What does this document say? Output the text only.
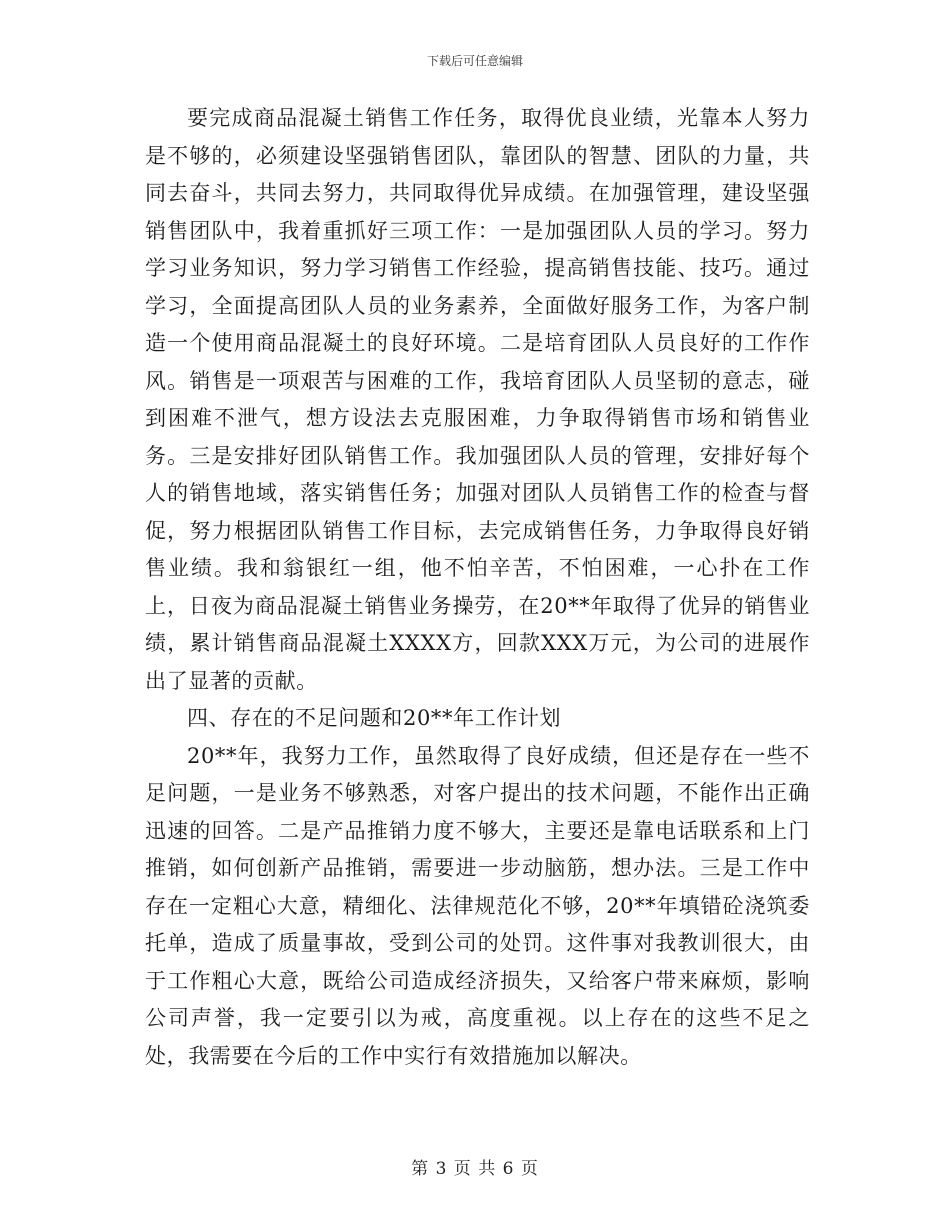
下载后可任意编辑

要完成商品混凝土销售工作任务，取得优良业绩，光靠本人努力是不够的，必须建设坚强销售团队，靠团队的智慧、团队的力量，共同去奋斗，共同去努力，共同取得优异成绩。在加强管理，建设坚强销售团队中，我着重抓好三项工作：一是加强团队人员的学习。努力学习业务知识，努力学习销售工作经验，提高销售技能、技巧。通过学习，全面提高团队人员的业务素养，全面做好服务工作，为客户制造一个使用商品混凝土的良好环境。二是培育团队人员良好的工作作风。销售是一项艰苦与困难的工作，我培育团队人员坚韧的意志，碰到困难不泄气，想方设法去克服困难，力争取得销售市场和销售业务。三是安排好团队销售工作。我加强团队人员的管理，安排好每个人的销售地域，落实销售任务；加强对团队人员销售工作的检查与督促，努力根据团队销售工作目标，去完成销售任务，力争取得良好销售业绩。我和翁银红一组，他不怕辛苦，不怕困难，一心扑在工作上，日夜为商品混凝土销售业务操劳，在20**年取得了优异的销售业绩，累计销售商品混凝土XXXX方，回款XXX万元，为公司的进展作出了显著的贡献。

四、存在的不足问题和20**年工作计划

20**年，我努力工作，虽然取得了良好成绩，但还是存在一些不足问题，一是业务不够熟悉，对客户提出的技术问题，不能作出正确迅速的回答。二是产品推销力度不够大，主要还是靠电话联系和上门推销，如何创新产品推销，需要进一步动脑筋，想办法。三是工作中存在一定粗心大意，精细化、法律规范化不够，20**年填错砼浇筑委托单，造成了质量事故，受到公司的处罚。这件事对我教训很大，由于工作粗心大意，既给公司造成经济损失，又给客户带来麻烦，影响公司声誉，我一定要引以为戒，高度重视。以上存在的这些不足之处，我需要在今后的工作中实行有效措施加以解决。

第 3 页 共 6 页
